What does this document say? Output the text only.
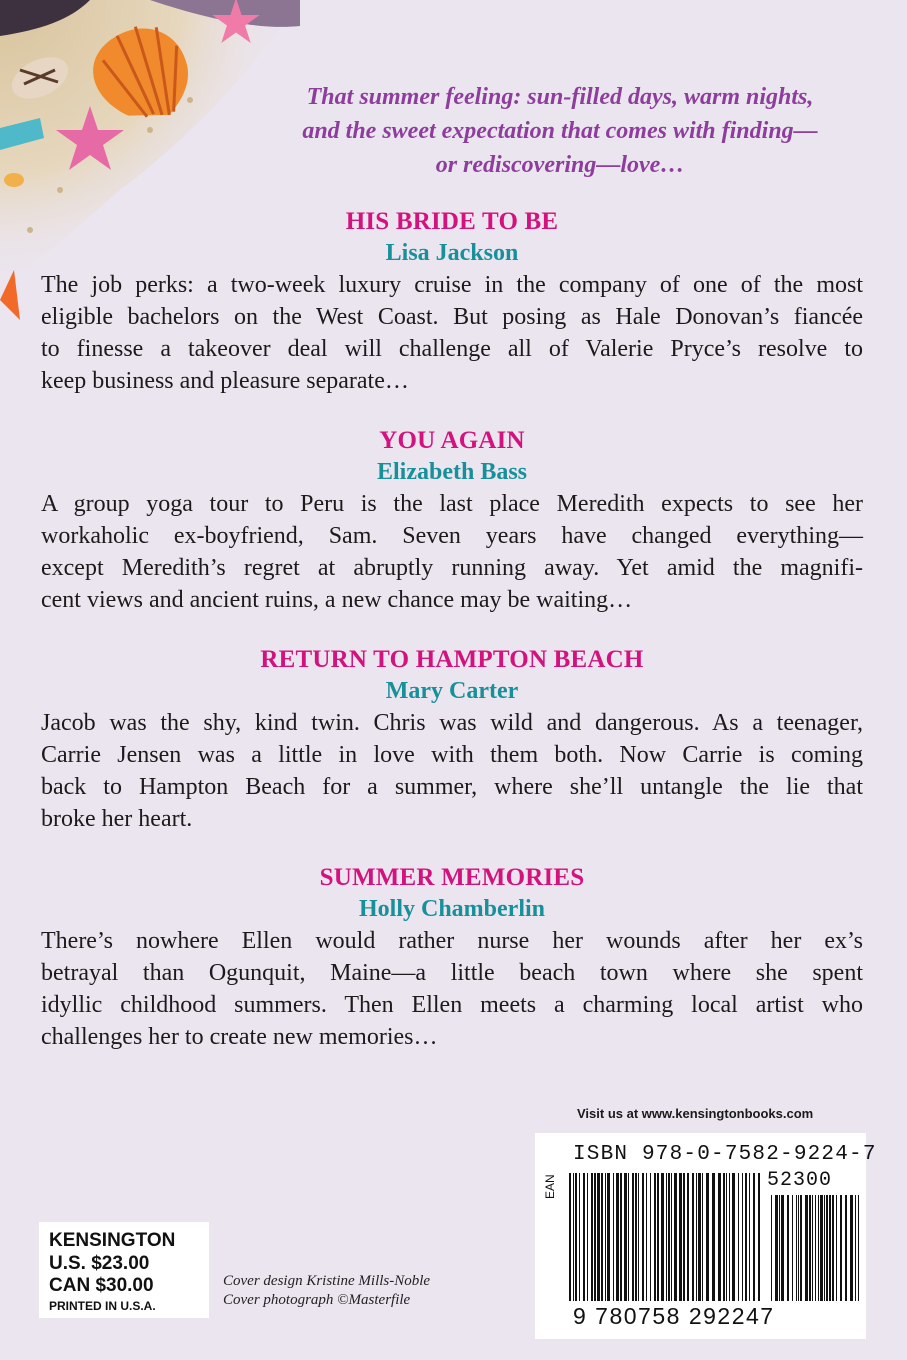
That summer feeling: sun-filled days, warm nights,
and the sweet expectation that comes with finding—
or rediscovering—love…
HIS BRIDE TO BE
Lisa Jackson
The job perks: a two-week luxury cruise in the company of one of the most
eligible bachelors on the West Coast. But posing as Hale Donovan’s fiancée
to finesse a takeover deal will challenge all of Valerie Pryce’s resolve to
keep business and pleasure separate…
YOU AGAIN
Elizabeth Bass
A group yoga tour to Peru is the last place Meredith expects to see her
workaholic ex-boyfriend, Sam. Seven years have changed everything—
except Meredith’s regret at abruptly running away. Yet amid the magnifi-
cent views and ancient ruins, a new chance may be waiting…
RETURN TO HAMPTON BEACH
Mary Carter
Jacob was the shy, kind twin. Chris was wild and dangerous. As a teenager,
Carrie Jensen was a little in love with them both. Now Carrie is coming
back to Hampton Beach for a summer, where she’ll untangle the lie that
broke her heart.
SUMMER MEMORIES
Holly Chamberlin
There’s nowhere Ellen would rather nurse her wounds after her ex’s
betrayal than Ogunquit, Maine—a little beach town where she spent
idyllic childhood summers. Then Ellen meets a charming local artist who
challenges her to create new memories…
Visit us at www.kensingtonbooks.com
ISBN 978-0-7582-9224-7
EAN	52300
9 780758 292247
KENSINGTON
U.S. $23.00
CAN $30.00
PRINTED IN U.S.A.
Cover design Kristine Mills-Noble
Cover photograph ©Masterfile
